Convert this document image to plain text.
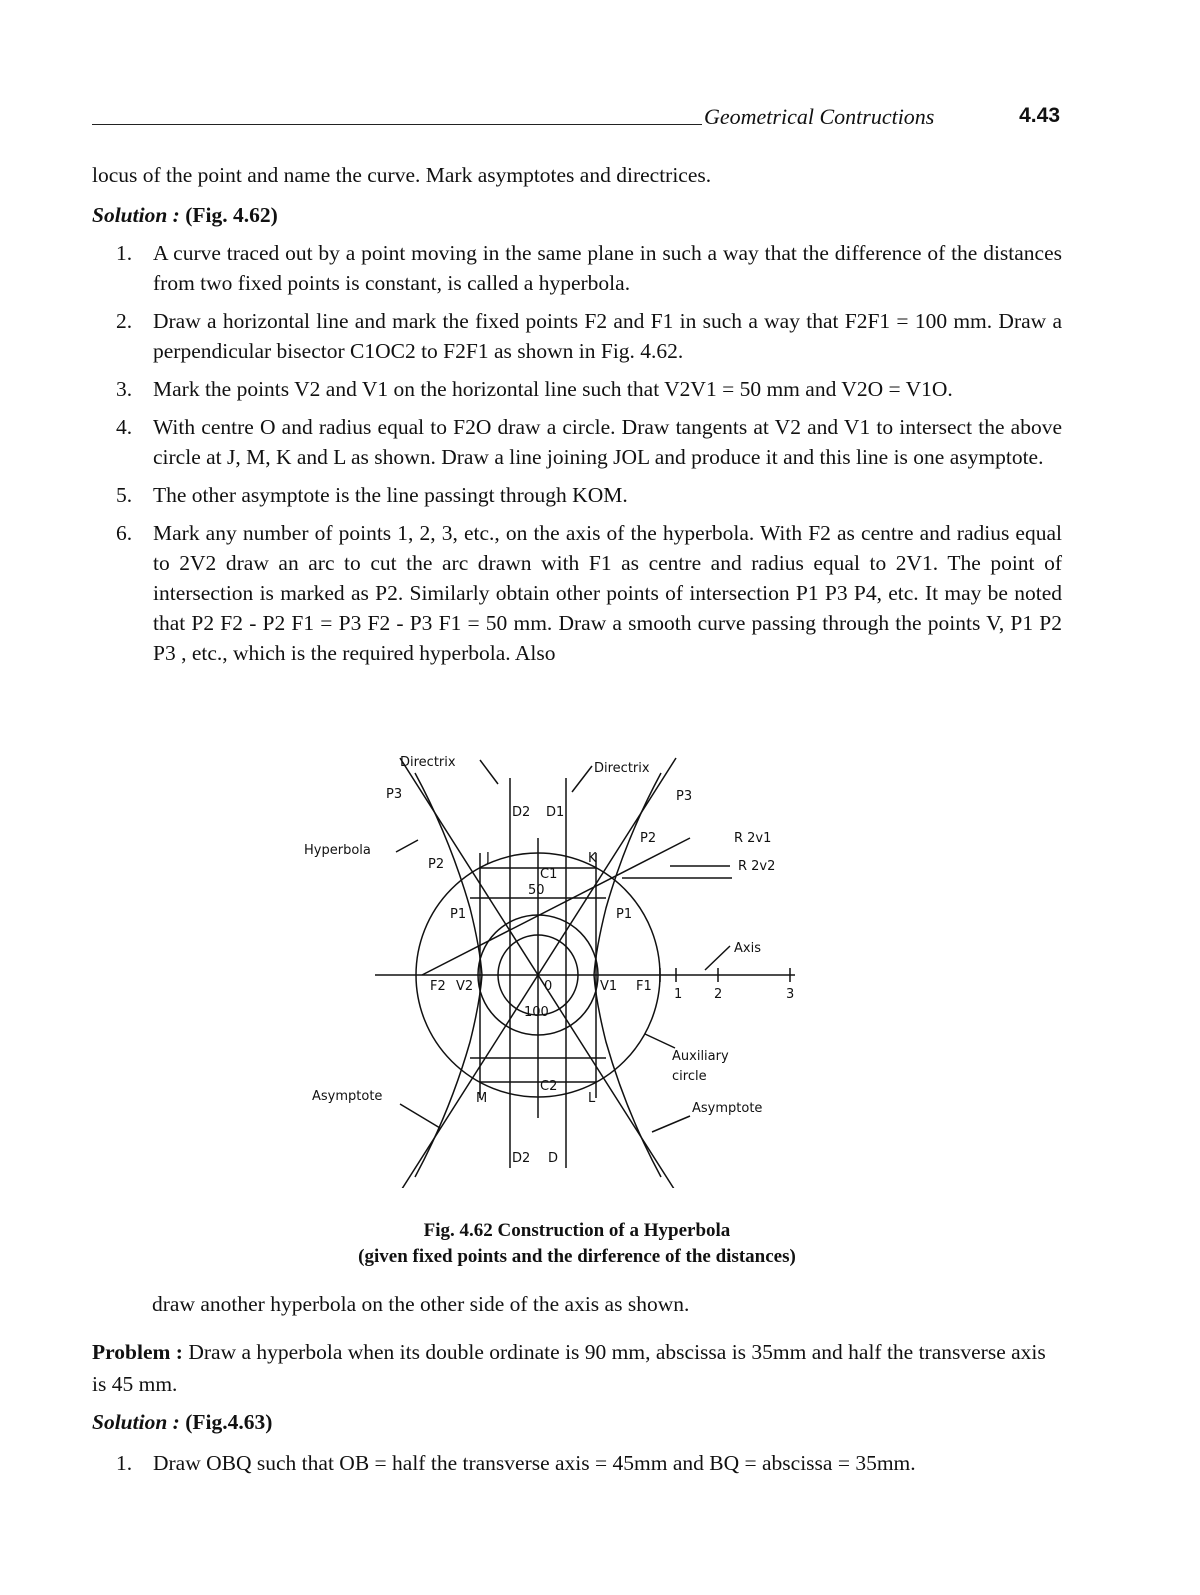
Geometrical Contructions	4.43
locus of the point and name the curve. Mark asymptotes and directrices.
Solution : (Fig. 4.62)
1. A curve traced out by a point moving in the same plane in such a way that the difference of the distances from two fixed points is constant, is called a hyperbola.
2. Draw a horizontal line and mark the fixed points F2 and F1 in such a way that F2F1 = 100 mm. Draw a perpendicular bisector C1OC2 to F2F1 as shown in Fig. 4.62.
3. Mark the points V2 and V1 on the horizontal line such that V2V1 = 50 mm and V2O = V1O.
4. With centre O and radius equal to F2O draw a circle. Draw tangents at V2 and V1 to intersect the above circle at J, M, K and L as shown. Draw a line joining JOL and produce it and this line is one asymptote.
5. The other asymptote is the line passingt through KOM.
6. Mark any number of points 1, 2, 3, etc., on the axis of the hyperbola. With F2 as centre and radius equal to 2V2 draw an arc to cut the arc drawn with F1 as centre and radius equal to 2V1. The point of intersection is marked as P2. Similarly obtain other points of intersection P1 P3 P4, etc. It may be noted that P2 F2 - P2 F1 = P3 F2 - P3 F1 = 50 mm. Draw a smooth curve passing through the points V, P1 P2 P3 , etc., which is the required hyperbola. Also
Directrix	Directrix
Hyperbola
Asymptote
Asymptote
Auxiliary
circle
Axis
R 2v1
R 2v2
J	K
M	L
0
C1
C2
D2 D1
D2 D
F2 V2	V1 F1
P1
P2
P3
P1
P3
P2
50
100
1 2	3
Fig. 4.62 Construction of a Hyperbola
(given fixed points and the dirference of the distances)
draw another hyperbola on the other side of the axis as shown.
Problem : Draw a hyperbola when its double ordinate is 90 mm, abscissa is 35mm and half the transverse axis is 45 mm.
Solution : (Fig.4.63)
1. Draw OBQ such that OB = half the transverse axis = 45mm and BQ = abscissa = 35mm.
